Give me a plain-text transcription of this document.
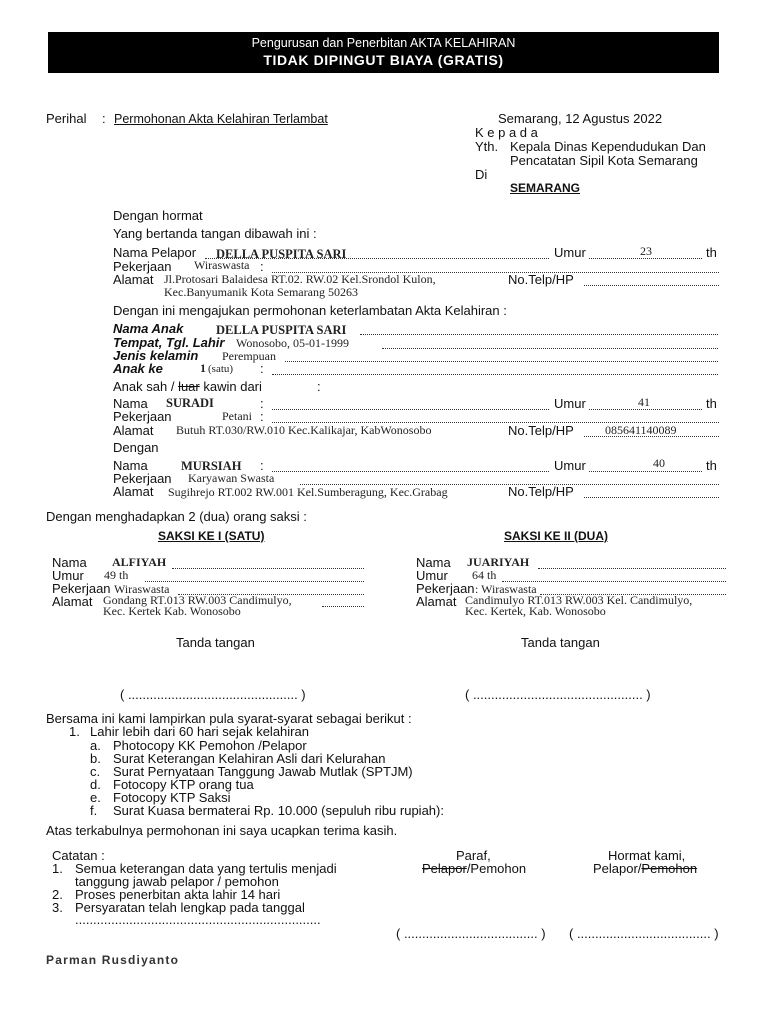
Pengurusan dan Penerbitan AKTA KELAHIRAN
TIDAK DIPINGUT BIAYA (GRATIS)
Perihal : Permohonan Akta Kelahiran Terlambat	Semarang, 12 Agustus 2022
K e p a d a
Yth. Kepala Dinas Kependudukan Dan
Pencatatan Sipil Kota Semarang
Di
SEMARANG
Dengan hormat
Yang bertanda tangan dibawah ini :
Nama Pelapor DELLA PUSPITA SARI	Umur	23	th
Pekerjaan Wiraswasta :
Alamat Jl.Protosari Balaidesa RT.02. RW.02 Kel.Srondol Kulon,	No.Telp/HP
Kec.Banyumanik Kota Semarang 50263
Dengan ini mengajukan permohonan keterlambatan Akta Kelahiran :
Nama Anak	DELLA PUSPITA SARI
Tempat, Tgl. Lahir Wonosobo, 05-01-1999
Jenis kelamin Perempuan
Anak ke	1 (satu) :
Anak sah / luar kawin dari	:
Nama SURADI	:	Umur	41	th
Pekerjaan	Petani :
Alamat Butuh RT.030/RW.010 Kec.Kalikajar, KabWonosobo	No.Telp/HP	085641140089
Dengan
Nama	MURSIAH :	Umur	40	th
Pekerjaan Karyawan Swasta
Alamat Sugihrejo RT.002 RW.001 Kel.Sumberagung, Kec.Grabag	No.Telp/HP
Dengan menghadapkan 2 (dua) orang saksi :
SAKSI KE I (SATU)	SAKSI KE II (DUA)
Nama ALFIYAH
Umur 49 th
Pekerjaan Wiraswasta
Alamat Gondang RT.013 RW.003 Candimulyo,
Kec. Kertek Kab. Wonosobo
Nama JUARIYAH
Umur 64 th
Pekerjaan : Wiraswasta
Alamat Candimulyo RT.013 RW.003 Kel. Candimulyo,
Kec. Kertek, Kab. Wonosobo
Tanda tangan	Tanda tangan
( ............................................... )	( ............................................... )
Bersama ini kami lampirkan pula syarat-syarat sebagai berikut :
1. Lahir lebih dari 60 hari sejak kelahiran
a. Photocopy KK Pemohon /Pelapor
b. Surat Keterangan Kelahiran Asli dari Kelurahan
c. Surat Pernyataan Tanggung Jawab Mutlak (SPTJM)
d. Fotocopy KTP orang tua
e. Fotocopy KTP Saksi
f. Surat Kuasa bermaterai Rp. 10.000 (sepuluh ribu rupiah):
Atas terkabulnya permohonan ini saya ucapkan terima kasih.
Catatan :
1. Semua keterangan data yang tertulis menjadi
tanggung jawab pelapor / pemohon
2. Proses penerbitan akta lahir 14 hari
3. Persyaratan telah lengkap pada tanggal
....................................................................
Paraf,
Pelapor/Pemohon
Hormat kami,
Pelapor/Pemohon
( ..................................... ) ( ..................................... )
Parman Rusdiyanto
